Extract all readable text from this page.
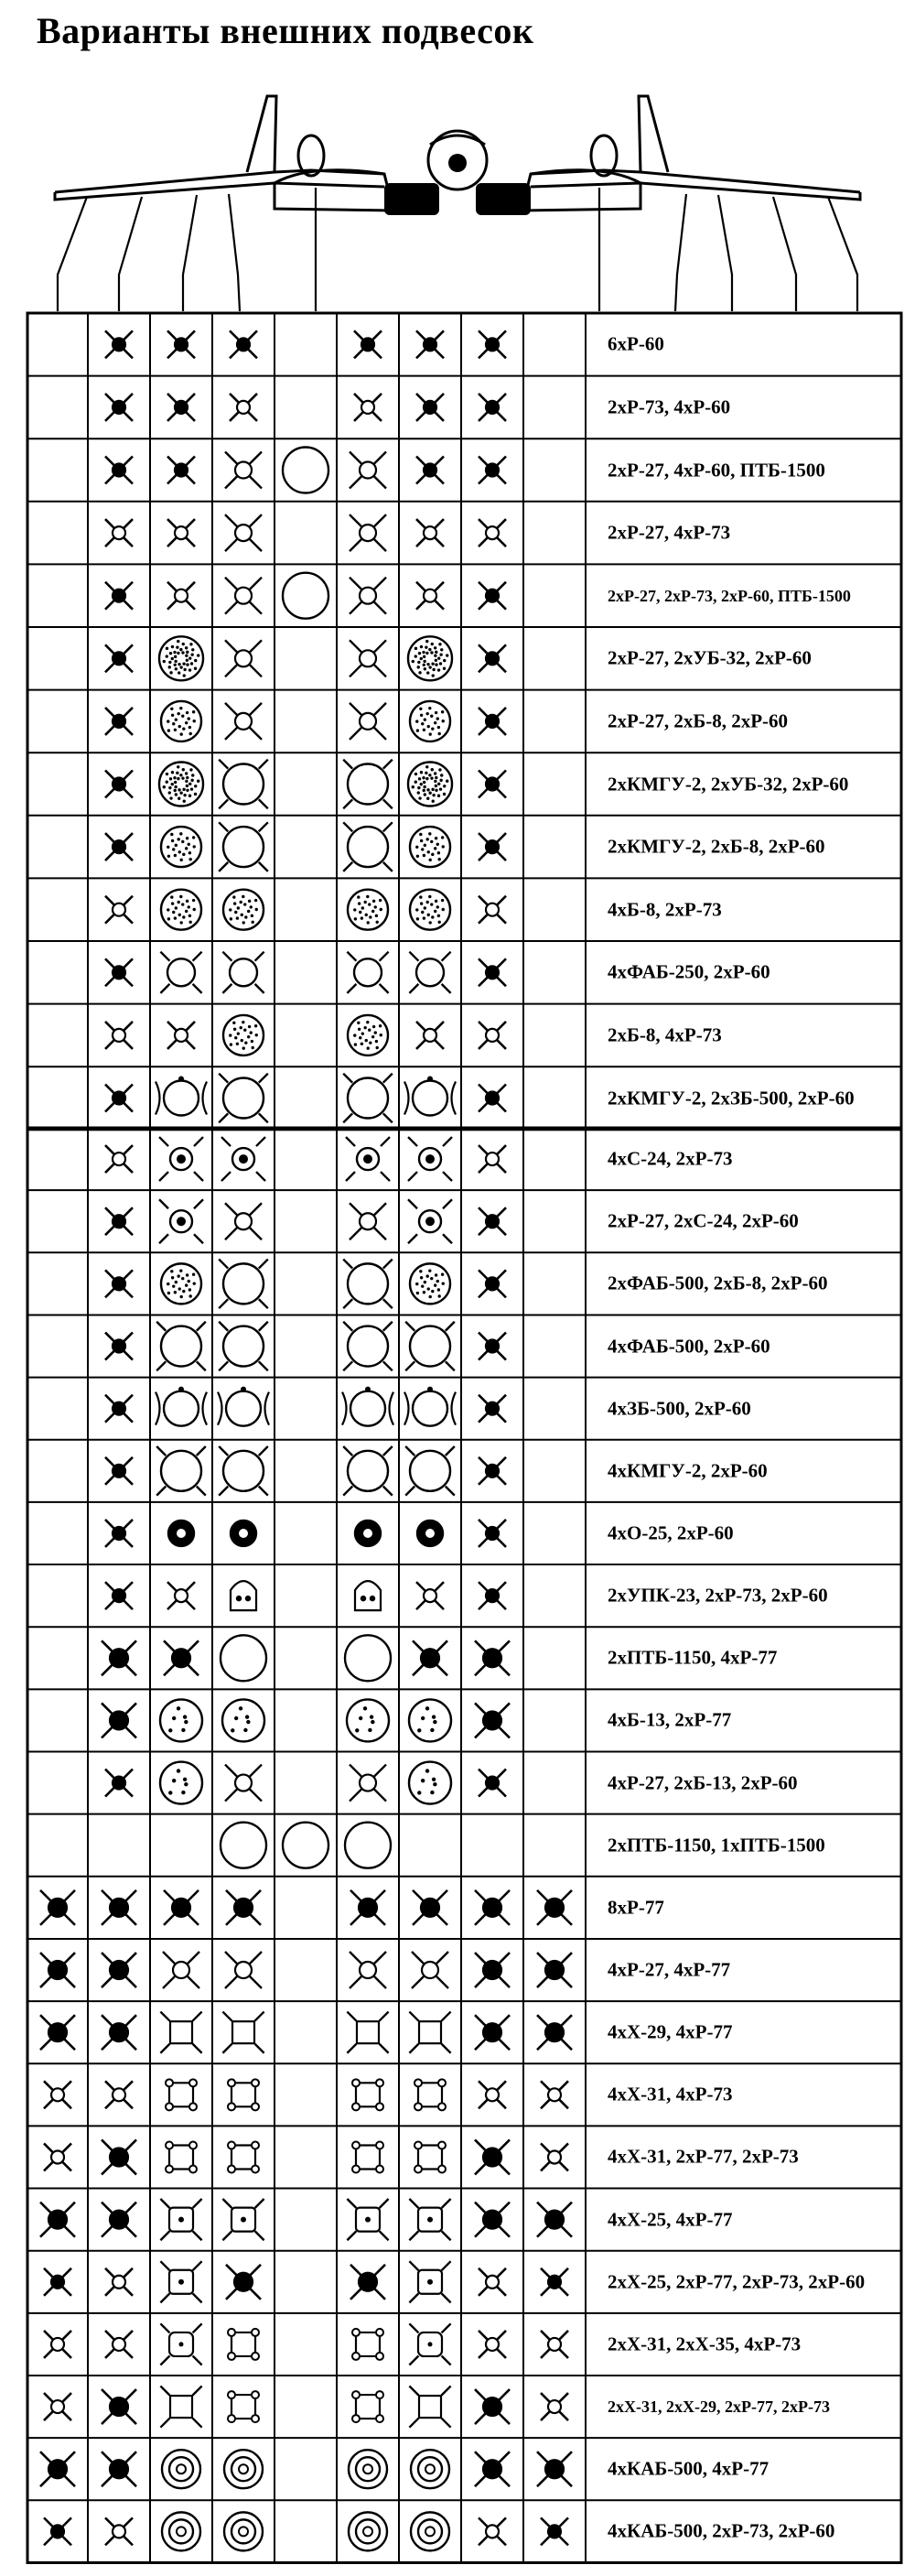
Варианты внешних подвесок
6хР-60
2хР-73, 4хР-60
2хР-27, 4хР-60, ПТБ-1500
2хР-27, 4хР-73
2хР-27, 2хР-73, 2хР-60, ПТБ-1500
2хР-27, 2хУБ-32, 2хР-60
2хР-27, 2хБ-8, 2хР-60
2хКМГУ-2, 2хУБ-32, 2хР-60
2хКМГУ-2, 2хБ-8, 2хР-60
4хБ-8, 2хР-73
4хФАБ-250, 2хР-60
2хБ-8, 4хР-73
2хКМГУ-2, 2хЗБ-500, 2хР-60
4хС-24, 2хР-73
2хР-27, 2хС-24, 2хР-60
2хФАБ-500, 2хБ-8, 2хР-60
4хФАБ-500, 2хР-60
4хЗБ-500, 2хР-60
4хКМГУ-2, 2хР-60
4хО-25, 2хР-60
2хУПК-23, 2хР-73, 2хР-60
2хПТБ-1150, 4хР-77
4хБ-13, 2хР-77
4хР-27, 2хБ-13, 2хР-60
2хПТБ-1150, 1хПТБ-1500
8хР-77
4хР-27, 4хР-77
4хХ-29, 4хР-77
4хХ-31, 4хР-73
4хХ-31, 2хР-77, 2хР-73
4хХ-25, 4хР-77
2хХ-25, 2хР-77, 2хР-73, 2хР-60
2хХ-31, 2хХ-35, 4хР-73
2хХ-31, 2хХ-29, 2хР-77, 2хР-73
4хКАБ-500, 4хР-77
4хКАБ-500, 2хР-73, 2хР-60
